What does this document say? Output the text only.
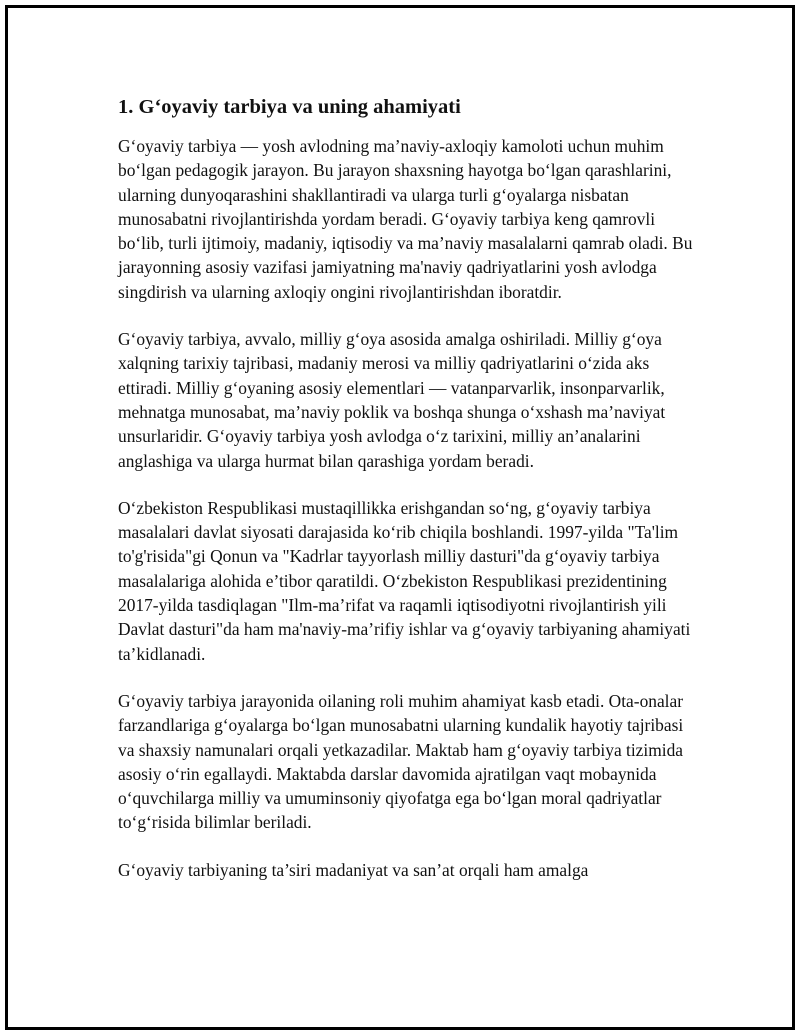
1. G‘oyaviy tarbiya va uning ahamiyati

G‘oyaviy tarbiya — yosh avlodning ma’naviy-axloqiy kamoloti uchun muhim bo‘lgan pedagogik jarayon. Bu jarayon shaxsning hayotga bo‘lgan qarashlarini, ularning dunyoqarashini shakllantiradi va ularga turli g‘oyalarga nisbatan munosabatni rivojlantirishda yordam beradi. G‘oyaviy tarbiya keng qamrovli bo‘lib, turli ijtimoiy, madaniy, iqtisodiy va ma’naviy masalalarni qamrab oladi. Bu jarayonning asosiy vazifasi jamiyatning ma'naviy qadriyatlarini yosh avlodga singdirish va ularning axloqiy ongini rivojlantirishdan iboratdir.

G‘oyaviy tarbiya, avvalo, milliy g‘oya asosida amalga oshiriladi. Milliy g‘oya xalqning tarixiy tajribasi, madaniy merosi va milliy qadriyatlarini o‘zida aks ettiradi. Milliy g‘oyaning asosiy elementlari — vatanparvarlik, insonparvarlik, mehnatga munosabat, ma’naviy poklik va boshqa shunga o‘xshash ma’naviyat unsurlaridir. G‘oyaviy tarbiya yosh avlodga o‘z tarixini, milliy an’analarini anglashiga va ularga hurmat bilan qarashiga yordam beradi.

O‘zbekiston Respublikasi mustaqillikka erishgandan so‘ng, g‘oyaviy tarbiya masalalari davlat siyosati darajasida ko‘rib chiqila boshlandi. 1997-yilda "Ta'lim to'g'risida"gi Qonun va "Kadrlar tayyorlash milliy dasturi"da g‘oyaviy tarbiya masalalariga alohida e’tibor qaratildi. O‘zbekiston Respublikasi prezidentining 2017-yilda tasdiqlagan "Ilm-ma’rifat va raqamli iqtisodiyotni rivojlantirish yili Davlat dasturi"da ham ma'naviy-ma’rifiy ishlar va g‘oyaviy tarbiyaning ahamiyati ta’kidlanadi.

G‘oyaviy tarbiya jarayonida oilaning roli muhim ahamiyat kasb etadi. Ota-onalar farzandlariga g‘oyalarga bo‘lgan munosabatni ularning kundalik hayotiy tajribasi va shaxsiy namunalari orqali yetkazadilar. Maktab ham g‘oyaviy tarbiya tizimida asosiy o‘rin egallaydi. Maktabda darslar davomida ajratilgan vaqt mobaynida o‘quvchilarga milliy va umuminsoniy qiyofatga ega bo‘lgan moral qadriyatlar to‘g‘risida bilimlar beriladi.

G‘oyaviy tarbiyaning ta’siri madaniyat va san’at orqali ham amalga
